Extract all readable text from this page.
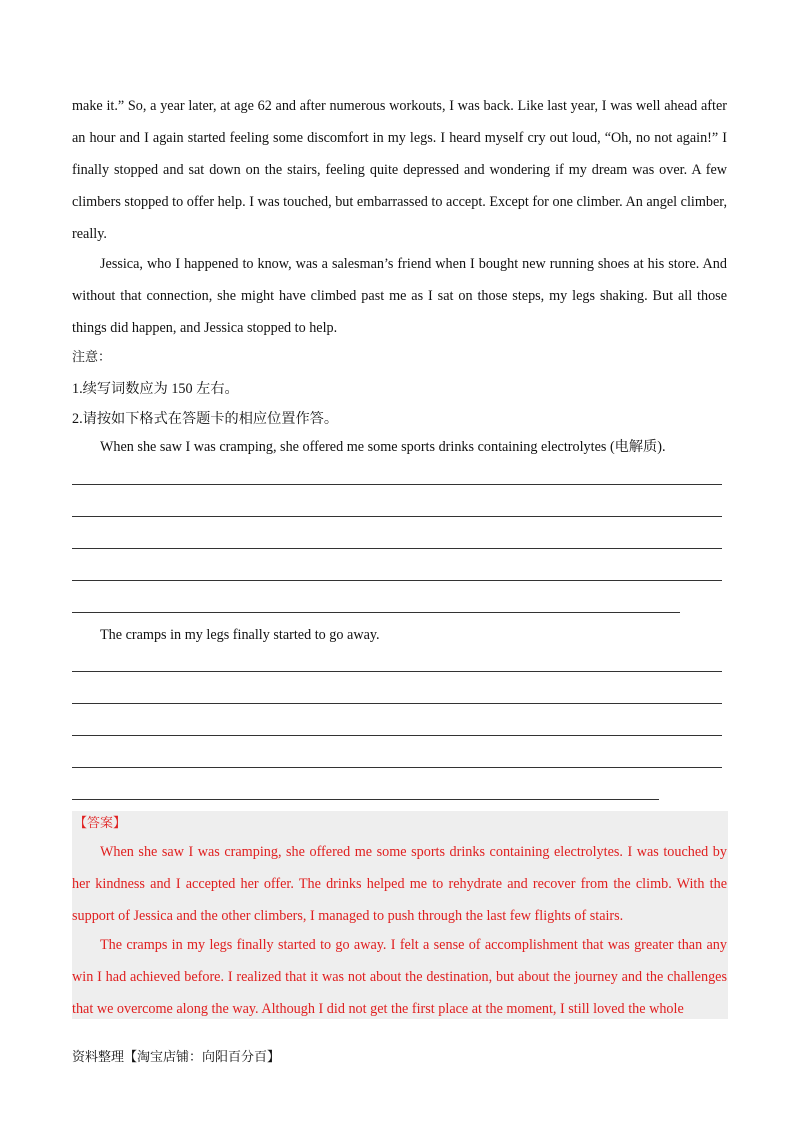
make it.” So, a year later, at age 62 and after numerous workouts, I was back. Like last year, I was well ahead after an hour and I again started feeling some discomfort in my legs. I heard myself cry out loud, “Oh, no not again!” I finally stopped and sat down on the stairs, feeling quite depressed and wondering if my dream was over. A few climbers stopped to offer help. I was touched, but embarrassed to accept. Except for one climber. An angel climber, really.

Jessica, who I happened to know, was a salesman’s friend when I bought new running shoes at his store. And without that connection, she might have climbed past me as I sat on those steps, my legs shaking. But all those things did happen, and Jessica stopped to help.

注意：
1.续写词数应为 150 左右。
2.请按如下格式在答题卡的相应位置作答。
When she saw I was cramping, she offered me some sports drinks containing electrolytes (电解质).
The cramps in my legs finally started to go away.
【答案】

When she saw I was cramping, she offered me some sports drinks containing electrolytes. I was touched by her kindness and I accepted her offer. The drinks helped me to rehydrate and recover from the climb. With the support of Jessica and the other climbers, I managed to push through the last few flights of stairs.

The cramps in my legs finally started to go away. I felt a sense of accomplishment that was greater than any win I had achieved before. I realized that it was not about the destination, but about the journey and the challenges that we overcome along the way. Although I did not get the first place at the moment, I still loved the whole

资料整理【淘宝店铺：向阳百分百】
